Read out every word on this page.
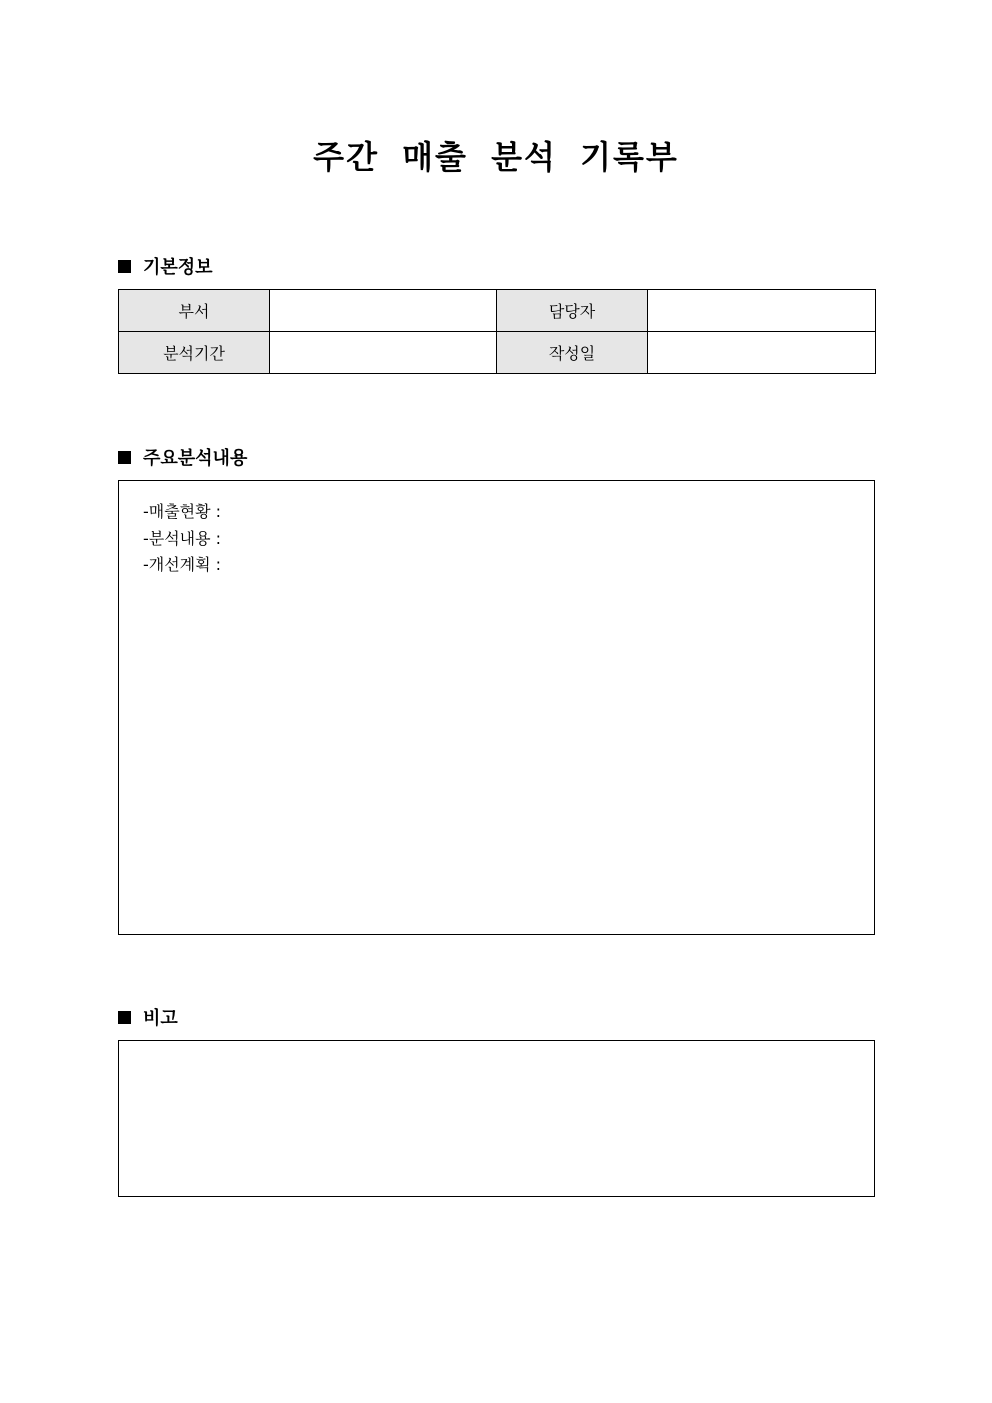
주간 매출 분석 기록부
기본정보
부서		담당자	
분석기간		작성일	
주요분석내용
-매출현황 :
-분석내용 :
-개선계획 :
비고
